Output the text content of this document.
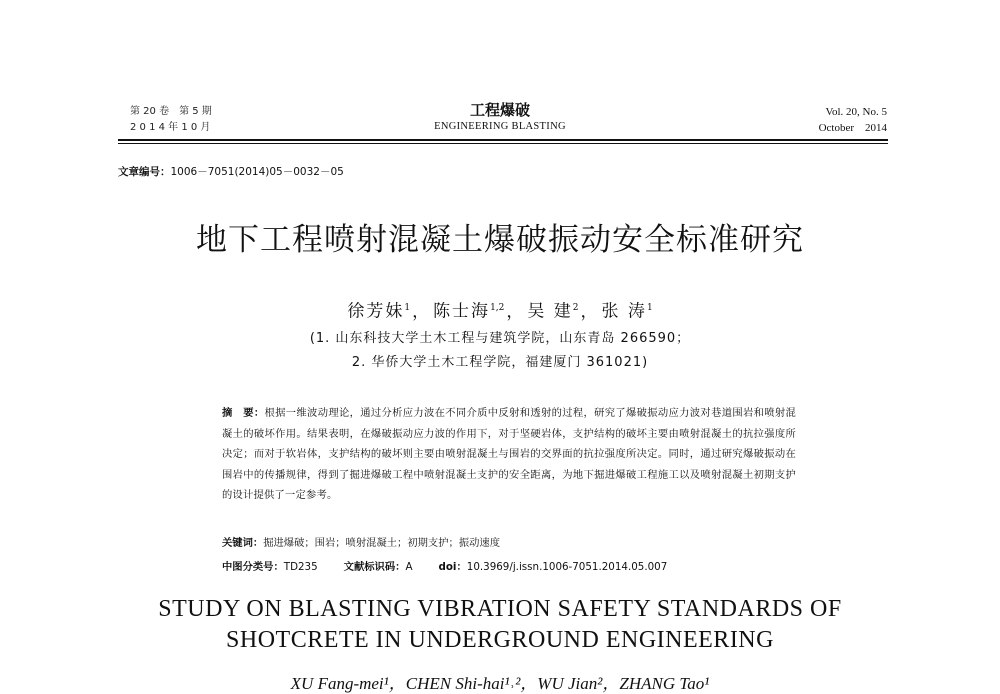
第 20 卷　第 5 期
2 0 1 4 年 1 0 月
工程爆破
ENGINEERING BLASTING
Vol. 20, No. 5
October　2014
文章编号：1006－7051(2014)05－0032－05
地下工程喷射混凝土爆破振动安全标准研究
徐芳妹$^1$ ， 陈士海$^{1,2}$ ， 吴 建$^2$ ， 张 涛$^1$
(1. 山东科技大学土木工程与建筑学院，山东青岛 266590；
2. 华侨大学土木工程学院，福建厦门 361021)
摘　要：根据一维波动理论，通过分析应力波在不同介质中反射和透射的过程，研究了爆破振动应力波对巷道围岩和喷射混凝土的破坏作用。结果表明，在爆破振动应力波的作用下，对于坚硬岩体，支护结构的破坏主要由喷射混凝土的抗拉强度所决定；而对于软岩体，支护结构的破坏则主要由喷射混凝土与围岩的交界面的抗拉强度所决定。同时，通过研究爆破振动在围岩中的传播规律，得到了掘进爆破工程中喷射混凝土支护的安全距离，为地下掘进爆破工程施工以及喷射混凝土初期支护的设计提供了一定参考。
关键词：掘进爆破；围岩；喷射混凝土；初期支护；振动速度
中图分类号：TD235	文献标识码：A	doi：10.3969/j.issn.1006-7051.2014.05.007
STUDY ON BLASTING VIBRATION SAFETY STANDARDS OF
SHOTCRETE IN UNDERGROUND ENGINEERING
XU Fang-mei¹，CHEN Shi-hai¹˒²，WU Jian²，ZHANG Tao¹
